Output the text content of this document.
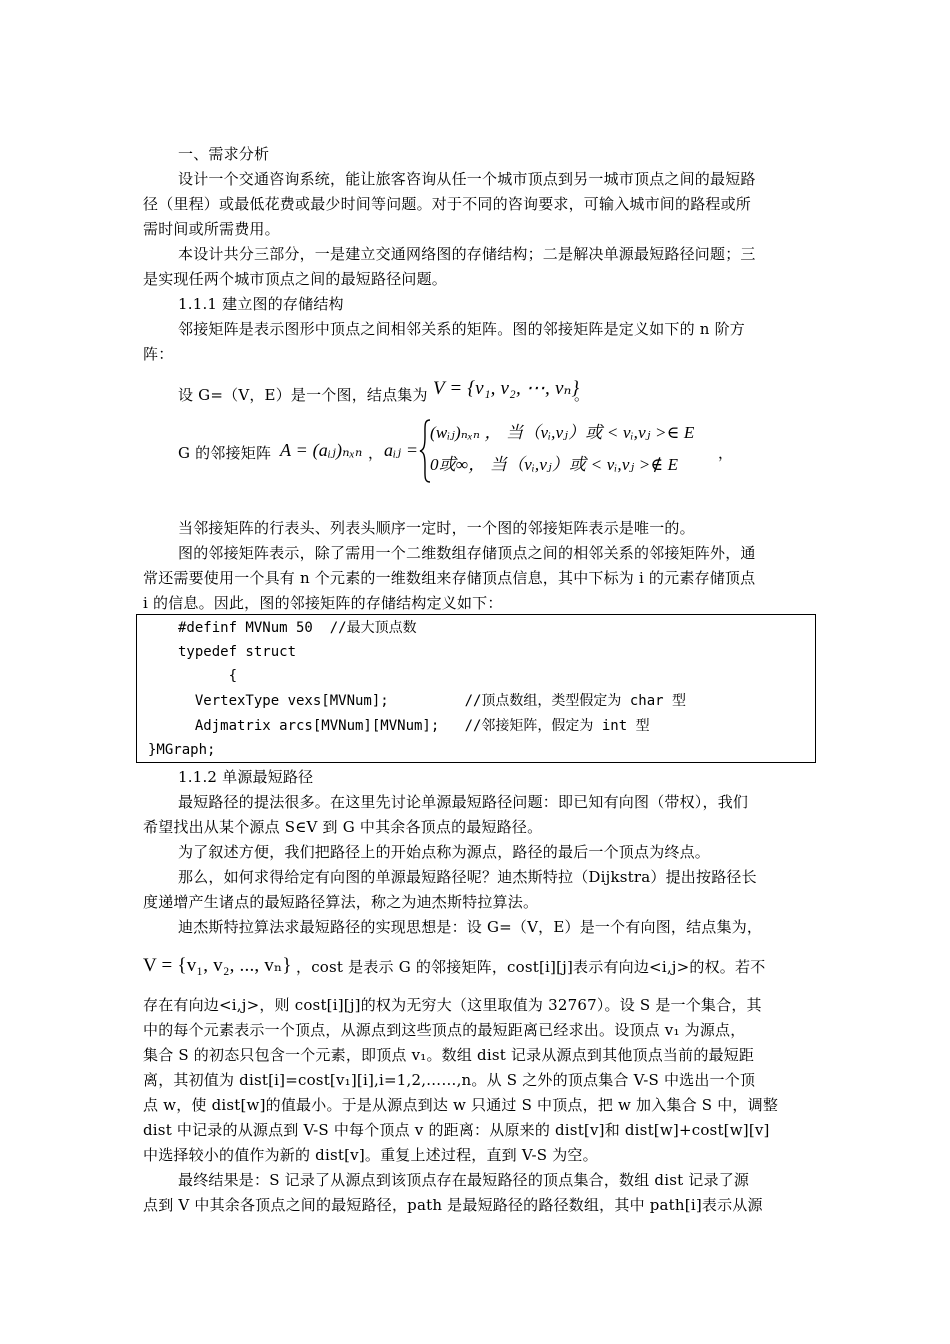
一、需求分析
设计一个交通咨询系统，能让旅客咨询从任一个城市顶点到另一城市顶点之间的最短路
径（里程）或最低花费或最少时间等问题。对于不同的咨询要求，可输入城市间的路程或所
需时间或所需费用。
本设计共分三部分，一是建立交通网络图的存储结构；二是解决单源最短路径问题；三
是实现任两个城市顶点之间的最短路径问题。
1.1.1 建立图的存储结构
邻接矩阵是表示图形中顶点之间相邻关系的矩阵。图的邻接矩阵是定义如下的 n 阶方
阵：
设 G=（V，E）是一个图，结点集为 V = {v₁, v₂, ⋯, vₙ}
。
G 的邻接矩阵 A = (aᵢⱼ)ₙₓₙ ， aᵢⱼ =
(wᵢⱼ)ₙₓₙ ， 当（vᵢ,vⱼ）或 < vᵢ,vⱼ >∈ E
0或∞， 当（vᵢ,vⱼ）或 < vᵢ,vⱼ >∉ E
，
当邻接矩阵的行表头、列表头顺序一定时，一个图的邻接矩阵表示是唯一的。
图的邻接矩阵表示，除了需用一个二维数组存储顶点之间的相邻关系的邻接矩阵外，通
常还需要使用一个具有 n 个元素的一维数组来存储顶点信息，其中下标为 i 的元素存储顶点
i 的信息。因此，图的邻接矩阵的存储结构定义如下：
#definf MVNum 50  //最大顶点数
typedef struct
{
VertexType vexs[MVNum];         //顶点数组，类型假定为 char 型
Adjmatrix arcs[MVNum][MVNum];   //邻接矩阵，假定为 int 型
}MGraph;
1.1.2 单源最短路径
最短路径的提法很多。在这里先讨论单源最短路径问题：即已知有向图（带权），我们
希望找出从某个源点 S∈V 到 G 中其余各顶点的最短路径。
为了叙述方便，我们把路径上的开始点称为源点，路径的最后一个顶点为终点。
那么，如何求得给定有向图的单源最短路径呢？迪杰斯特拉（Dijkstra）提出按路径长
度递增产生诸点的最短路径算法，称之为迪杰斯特拉算法。
迪杰斯特拉算法求最短路径的实现思想是：设 G=（V，E）是一个有向图，结点集为，
V = {v₁, v₂, ..., vₙ} ，cost 是表示 G 的邻接矩阵，cost[i][j]表示有向边<i,j>的权。若不
存在有向边<i,j>，则 cost[i][j]的权为无穷大（这里取值为 32767）。设 S 是一个集合，其
中的每个元素表示一个顶点，从源点到这些顶点的最短距离已经求出。设顶点 v₁ 为源点，
集合 S 的初态只包含一个元素，即顶点 v₁。数组 dist 记录从源点到其他顶点当前的最短距
离，其初值为 dist[i]=cost[v₁][i],i=1,2,……,n。从 S 之外的顶点集合 V-S 中选出一个顶
点 w，使 dist[w]的值最小。于是从源点到达 w 只通过 S 中顶点，把 w 加入集合 S 中，调整
dist 中记录的从源点到 V-S 中每个顶点 v 的距离：从原来的 dist[v]和 dist[w]+cost[w][v]
中选择较小的值作为新的 dist[v]。重复上述过程，直到 V-S 为空。
最终结果是：S 记录了从源点到该顶点存在最短路径的顶点集合，数组 dist 记录了源
点到 V 中其余各顶点之间的最短路径，path 是最短路径的路径数组，其中 path[i]表示从源
